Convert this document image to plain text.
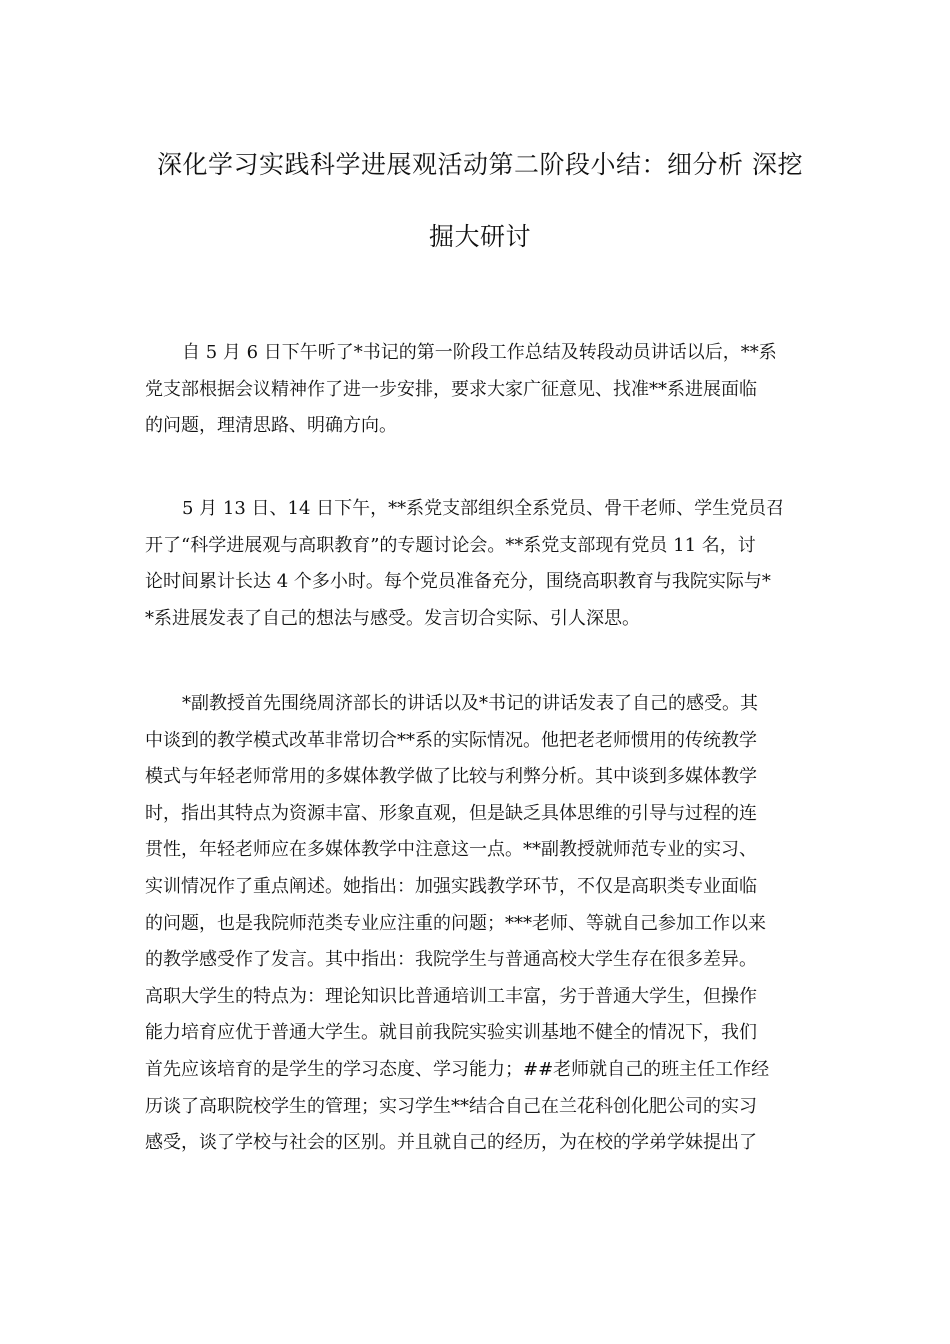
深化学习实践科学进展观活动第二阶段小结：细分析 深挖
掘大研讨
自 5 月 6 日下午听了*书记的第一阶段工作总结及转段动员讲话以后，**系
党支部根据会议精神作了进一步安排，要求大家广征意见、找准**系进展面临
的问题，理清思路、明确方向。
5 月 13 日、14 日下午，**系党支部组织全系党员、骨干老师、学生党员召
开了“科学进展观与高职教育”的专题讨论会。**系党支部现有党员 11 名，讨
论时间累计长达 4 个多小时。每个党员准备充分，围绕高职教育与我院实际与*
*系进展发表了自己的想法与感受。发言切合实际、引人深思。
*副教授首先围绕周济部长的讲话以及*书记的讲话发表了自己的感受。其
中谈到的教学模式改革非常切合**系的实际情况。他把老老师惯用的传统教学
模式与年轻老师常用的多媒体教学做了比较与利弊分析。其中谈到多媒体教学
时，指出其特点为资源丰富、形象直观，但是缺乏具体思维的引导与过程的连
贯性，年轻老师应在多媒体教学中注意这一点。**副教授就师范专业的实习、
实训情况作了重点阐述。她指出：加强实践教学环节，不仅是高职类专业面临
的问题，也是我院师范类专业应注重的问题；***老师、等就自己参加工作以来
的教学感受作了发言。其中指出：我院学生与普通高校大学生存在很多差异。
高职大学生的特点为：理论知识比普通培训工丰富，劣于普通大学生，但操作
能力培育应优于普通大学生。就目前我院实验实训基地不健全的情况下，我们
首先应该培育的是学生的学习态度、学习能力；##老师就自己的班主任工作经
历谈了高职院校学生的管理；实习学生**结合自己在兰花科创化肥公司的实习
感受，谈了学校与社会的区别。并且就自己的经历，为在校的学弟学妹提出了
